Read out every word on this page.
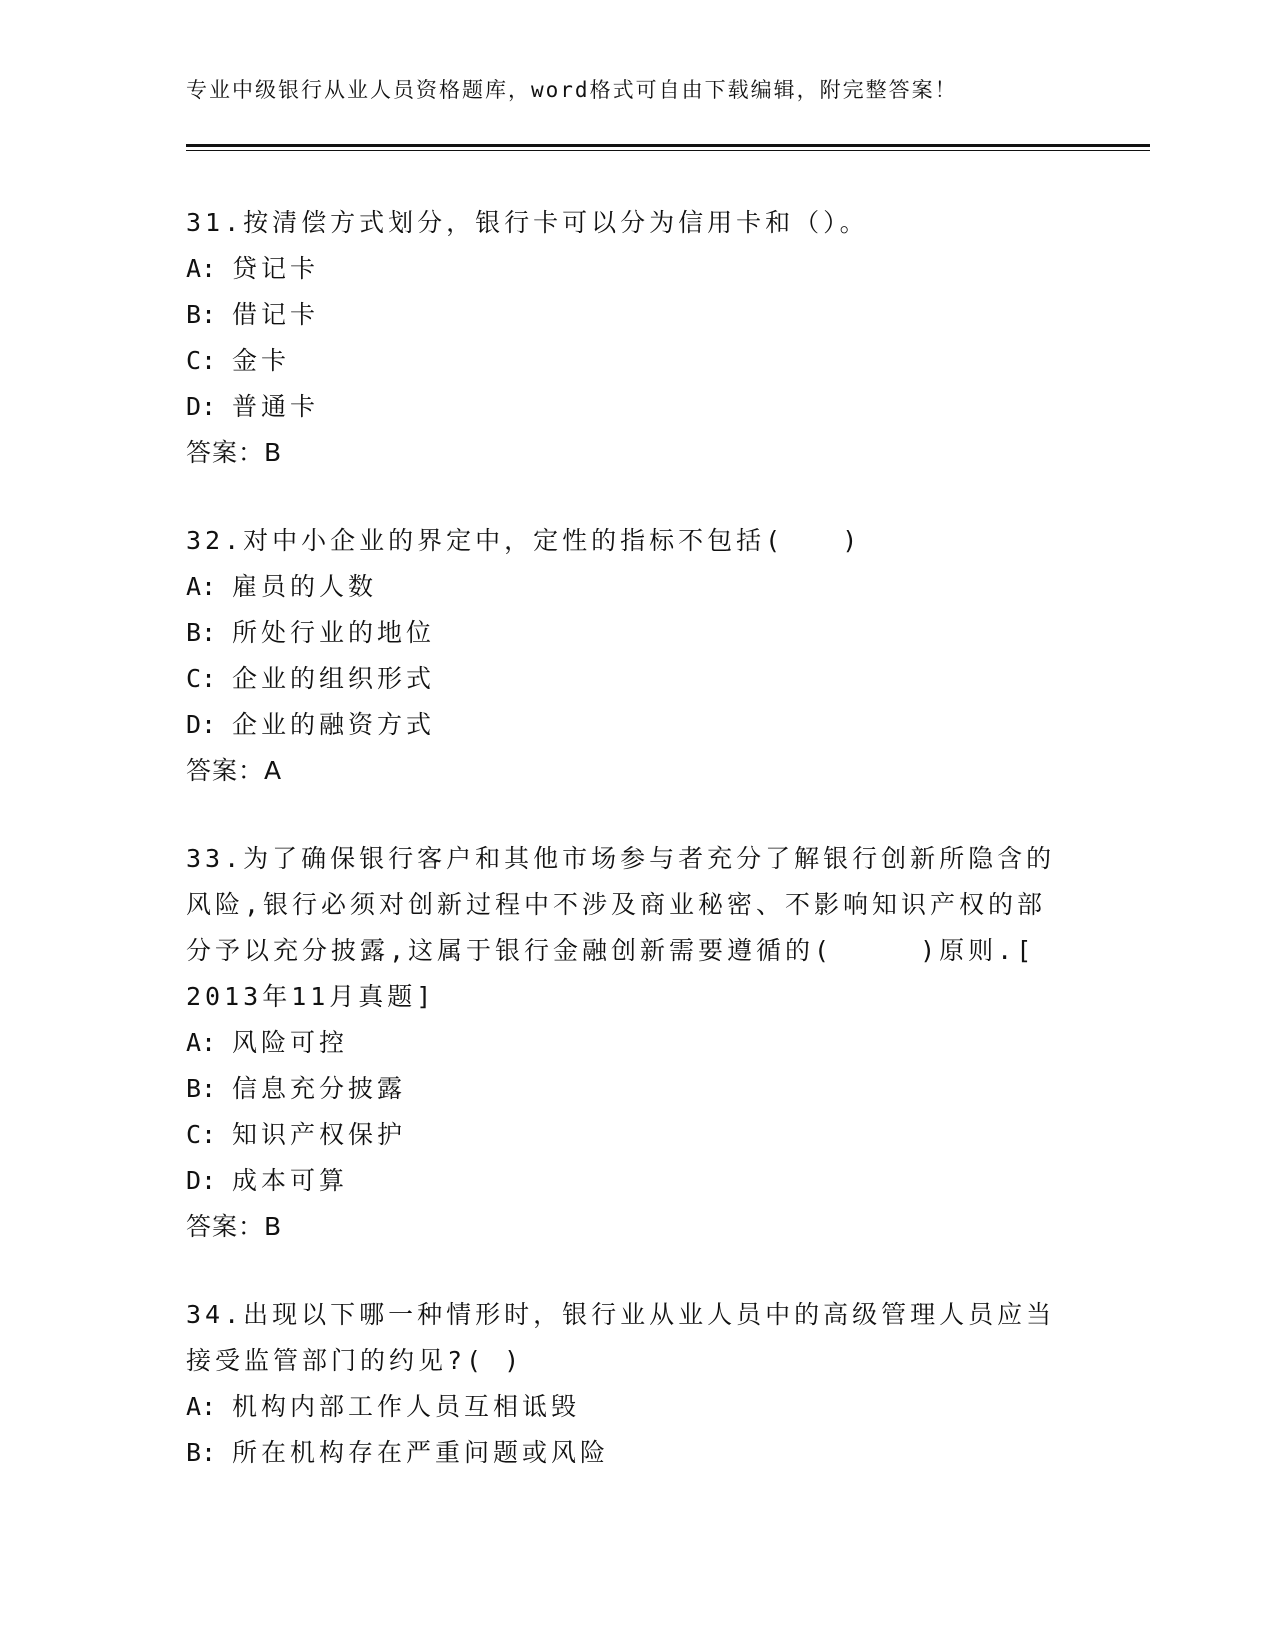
专业中级银行从业人员资格题库，word格式可自由下载编辑，附完整答案！
31.按清偿方式划分，银行卡可以分为信用卡和（）。
A: 贷记卡
B: 借记卡
C: 金卡
D: 普通卡
答案：B
32.对中小企业的界定中，定性的指标不包括(　　)
A: 雇员的人数
B: 所处行业的地位
C: 企业的组织形式
D: 企业的融资方式
答案：A
33.为了确保银行客户和其他市场参与者充分了解银行创新所隐含的风险,银行必须对创新过程中不涉及商业秘密、不影响知识产权的部分予以充分披露,这属于银行金融创新需要遵循的(　　　)原则.[ 2013年11月真题]
A: 风险可控
B: 信息充分披露
C: 知识产权保护
D: 成本可算
答案：B
34.出现以下哪一种情形时，银行业从业人员中的高级管理人员应当接受监管部门的约见?( )
A: 机构内部工作人员互相诋毁
B: 所在机构存在严重问题或风险
